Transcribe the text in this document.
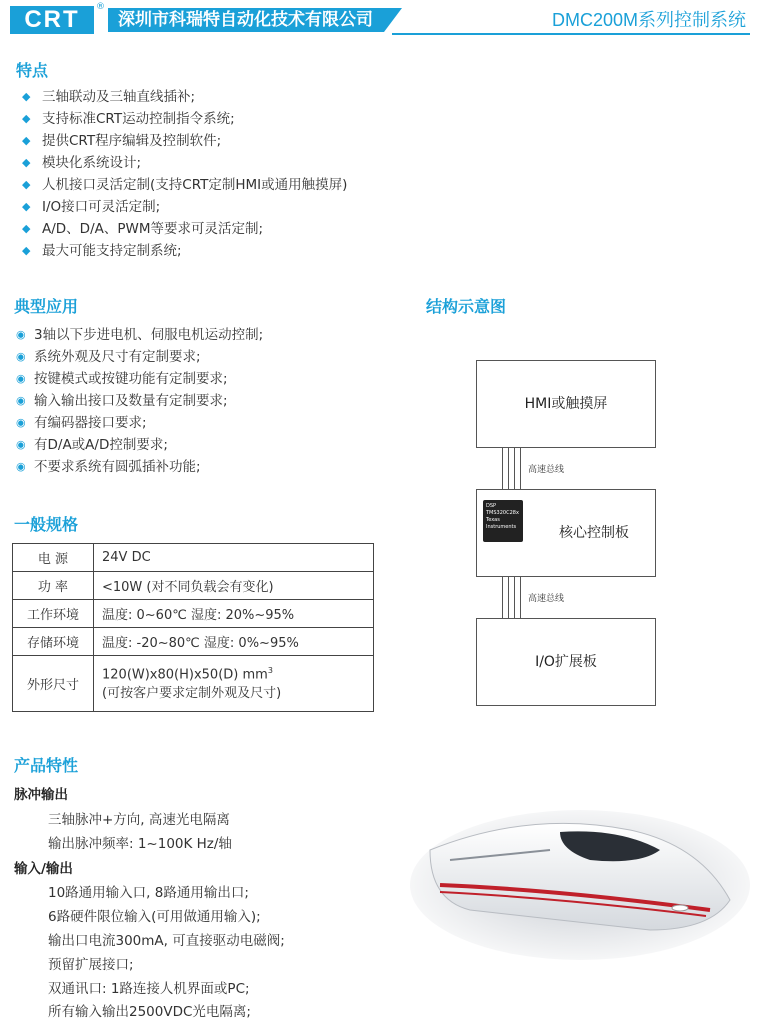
CRT	®
深圳市科瑞特自动化技术有限公司	DMC200M系列控制系统
特点
◆ 三轴联动及三轴直线插补;
◆ 支持标准CRT运动控制指令系统;
◆ 提供CRT程序编辑及控制软件;
◆ 模块化系统设计;
◆ 人机接口灵活定制(支持CRT定制HMI或通用触摸屏)
◆ I/O接口可灵活定制;
◆ A/D、D/A、PWM等要求可灵活定制;
◆ 最大可能支持定制系统;
典型应用
◉ 3轴以下步进电机、伺服电机运动控制;
◉ 系统外观及尺寸有定制要求;
◉ 按键模式或按键功能有定制要求;
◉ 输入输出接口及数量有定制要求;
◉ 有编码器接口要求;
◉ 有D/A或A/D控制要求;
◉ 不要求系统有圆弧插补功能;
一般规格
电 源	24V DC
功 率	<10W (对不同负载会有变化)
工作环境	温度: 0~60℃ 湿度: 20%~95%
存储环境	温度: -20~80℃ 湿度: 0%~95%
外形尺寸	120(W)x80(H)x50(D) $mm^3$
(可按客户要求定制外观及尺寸)
结构示意图
HMI或触摸屏
高速总线
DSP
TMS320C28x
Texas Instruments	核心控制板
高速总线
I/O扩展板
产品特性
脉冲输出
三轴脉冲+方向, 高速光电隔离
输出脉冲频率: 1~100K Hz/轴
输入/输出
10路通用输入口, 8路通用输出口;
6路硬件限位输入(可用做通用输入);
输出口电流300mA, 可直接驱动电磁阀;
预留扩展接口;
双通讯口: 1路连接人机界面或PC;
所有输入输出2500VDC光电隔离;
